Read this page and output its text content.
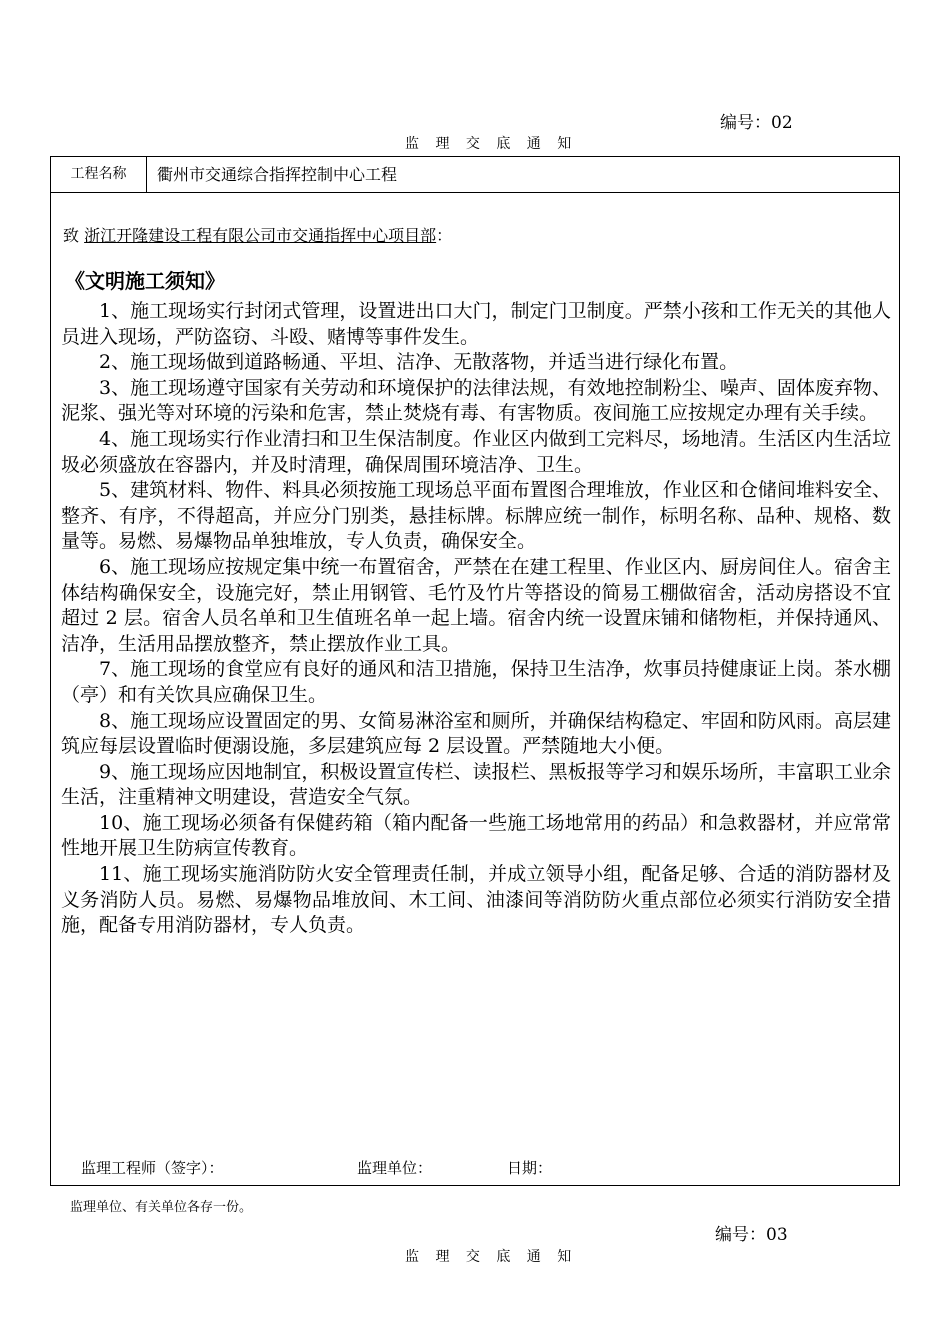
编号：02
监 理 交 底 通 知
工程名称	衢州市交通综合指挥控制中心工程
致 浙江开隆建设工程有限公司市交通指挥中心项目部：
《文明施工须知》

1、施工现场实行封闭式管理，设置进出口大门，制定门卫制度。严禁小孩和工作无关的其他人员进入现场，严防盗窃、斗殴、赌博等事件发生。

2、施工现场做到道路畅通、平坦、洁净、无散落物，并适当进行绿化布置。

3、施工现场遵守国家有关劳动和环境保护的法律法规，有效地控制粉尘、噪声、固体废弃物、泥浆、强光等对环境的污染和危害，禁止焚烧有毒、有害物质。夜间施工应按规定办理有关手续。

4、施工现场实行作业清扫和卫生保洁制度。作业区内做到工完料尽，场地清。生活区内生活垃圾必须盛放在容器内，并及时清理，确保周围环境洁净、卫生。

5、建筑材料、物件、料具必须按施工现场总平面布置图合理堆放，作业区和仓储间堆料安全、整齐、有序，不得超高，并应分门别类，悬挂标牌。标牌应统一制作，标明名称、品种、规格、数量等。易燃、易爆物品单独堆放，专人负责，确保安全。

6、施工现场应按规定集中统一布置宿舍，严禁在在建工程里、作业区内、厨房间住人。宿舍主体结构确保安全，设施完好，禁止用钢管、毛竹及竹片等搭设的简易工棚做宿舍，活动房搭设不宜超过 2 层。宿舍人员名单和卫生值班名单一起上墙。宿舍内统一设置床铺和储物柜，并保持通风、洁净，生活用品摆放整齐，禁止摆放作业工具。

7、施工现场的食堂应有良好的通风和洁卫措施，保持卫生洁净，炊事员持健康证上岗。茶水棚（亭）和有关饮具应确保卫生。

8、施工现场应设置固定的男、女简易淋浴室和厕所，并确保结构稳定、牢固和防风雨。高层建筑应每层设置临时便溺设施，多层建筑应每 2 层设置。严禁随地大小便。

9、施工现场应因地制宜，积极设置宣传栏、读报栏、黑板报等学习和娱乐场所，丰富职工业余生活，注重精神文明建设，营造安全气氛。

10、施工现场必须备有保健药箱（箱内配备一些施工场地常用的药品）和急救器材，并应常常性地开展卫生防病宣传教育。

11、施工现场实施消防防火安全管理责任制，并成立领导小组，配备足够、合适的消防器材及义务消防人员。易燃、易爆物品堆放间、木工间、油漆间等消防防火重点部位必须实行消防安全措施，配备专用消防器材，专人负责。

监理工程师（签字）：	监理单位：	日期：
监理单位、有关单位各存一份。
编号：03
监 理 交 底 通 知
